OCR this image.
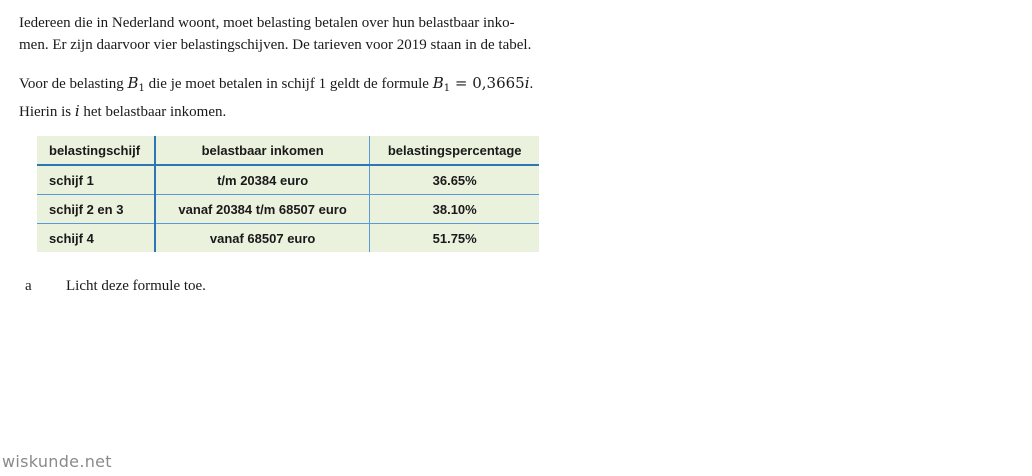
Iedereen die in Nederland woont, moet belasting betalen over hun belastbaar inko-
men. Er zijn daarvoor vier belastingschijven. De tarieven voor 2019 staan in de tabel.
Voor de belasting $B_1$ die je moet betalen in schijf 1 geldt de formule $B_1 = 0,3665i$.
Hierin is i het belastbaar inkomen.
belastingschijf	belastbaar inkomen	belastingspercentage
schijf 1	t/m 20384 euro	36.65%
schijf 2 en 3	vanaf 20384 t/m 68507 euro	38.10%
schijf 4	vanaf 68507 euro	51.75%
a Licht deze formule toe.
wiskunde.net
